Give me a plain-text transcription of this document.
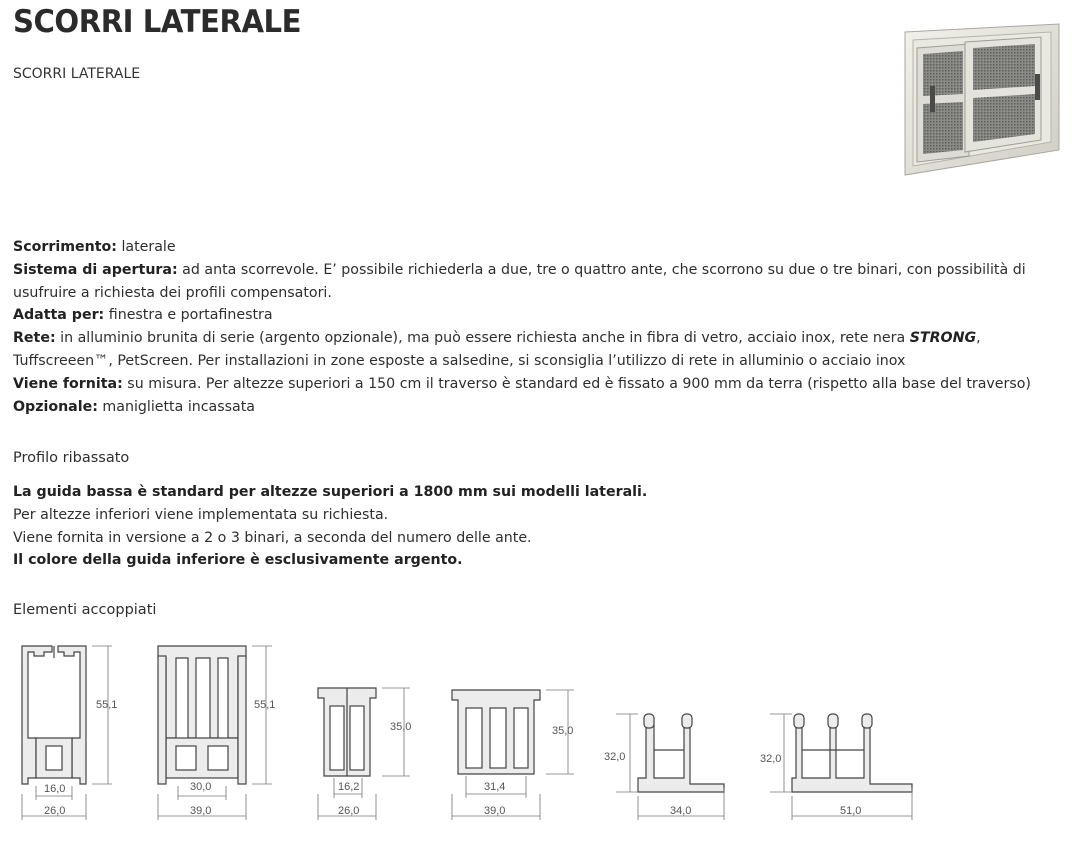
SCORRI LATERALE
SCORRI LATERALE

Scorrimento: laterale

Sistema di apertura: ad anta scorrevole. E’ possibile richiederla a due, tre o quattro ante, che scorrono su due o tre binari, con possibilità di usufruire a richiesta dei profili compensatori.

Adatta per: finestra e portafinestra

Rete: in alluminio brunita di serie (argento opzionale), ma può essere richiesta anche in fibra di vetro, acciaio inox, rete nera STRONG, Tuffscreeen™, PetScreen. Per installazioni in zone esposte a salsedine, si sconsiglia l’utilizzo di rete in alluminio o acciaio inox

Viene fornita: su misura. Per altezze superiori a 150 cm il traverso è standard ed è fissato a 900 mm da terra (rispetto alla base del traverso)

Opzionale: maniglietta incassata

Profilo ribassato

La guida bassa è standard per altezze superiori a 1800 mm sui modelli laterali.

Per altezze inferiori viene implementata su richiesta.

Viene fornita in versione a 2 o 3 binari, a seconda del numero delle ante.

Il colore della guida inferiore è esclusivamente argento.

Elementi accoppiati
55,1
16,0
26,0
55,1
30,0
39,0
35,0
16,2
26,0
35,0
31,4
39,0
32,0
34,0
32,0
51,0
